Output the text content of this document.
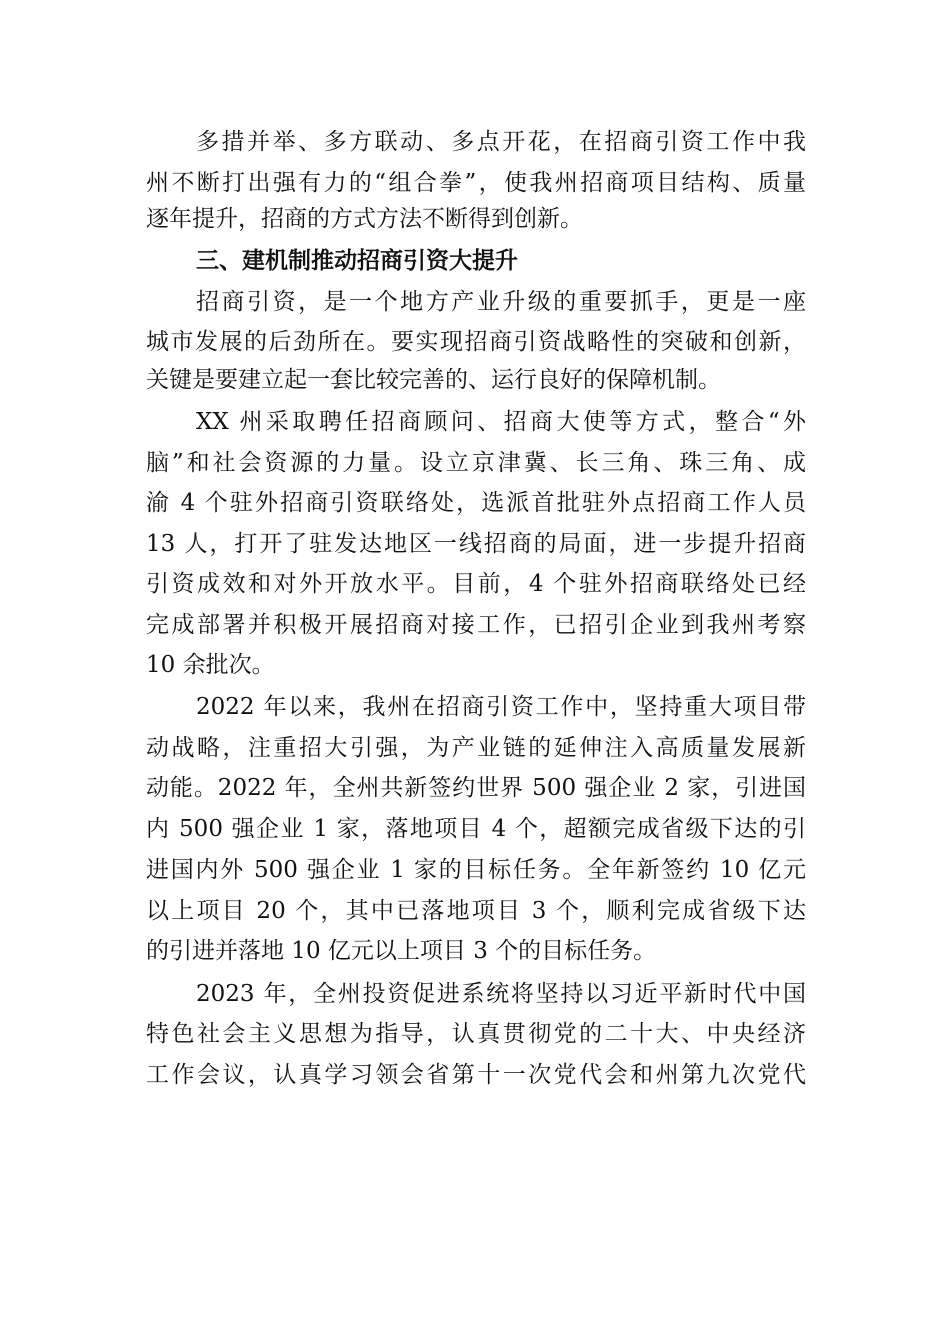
多措并举、多方联动、多点开花，在招商引资工作中我
州不断打出强有力的“组合拳”，使我州招商项目结构、质量
逐年提升，招商的方式方法不断得到创新。
三、建机制推动招商引资大提升
招商引资，是一个地方产业升级的重要抓手，更是一座
城市发展的后劲所在。要实现招商引资战略性的突破和创新，
关键是要建立起一套比较完善的、运行良好的保障机制。
XX 州采取聘任招商顾问、招商大使等方式，整合“外
脑”和社会资源的力量。设立京津冀、长三角、珠三角、成
渝 4 个驻外招商引资联络处，选派首批驻外点招商工作人员
13 人，打开了驻发达地区一线招商的局面，进一步提升招商
引资成效和对外开放水平。目前，4 个驻外招商联络处已经
完成部署并积极开展招商对接工作，已招引企业到我州考察
10 余批次。
2022 年以来，我州在招商引资工作中，坚持重大项目带
动战略，注重招大引强，为产业链的延伸注入高质量发展新
动能。2022 年，全州共新签约世界 500 强企业 2 家，引进国
内 500 强企业 1 家，落地项目 4 个，超额完成省级下达的引
进国内外 500 强企业 1 家的目标任务。全年新签约 10 亿元
以上项目 20 个，其中已落地项目 3 个，顺利完成省级下达
的引进并落地 10 亿元以上项目 3 个的目标任务。
2023 年，全州投资促进系统将坚持以习近平新时代中国
特色社会主义思想为指导，认真贯彻党的二十大、中央经济
工作会议，认真学习领会省第十一次党代会和州第九次党代
